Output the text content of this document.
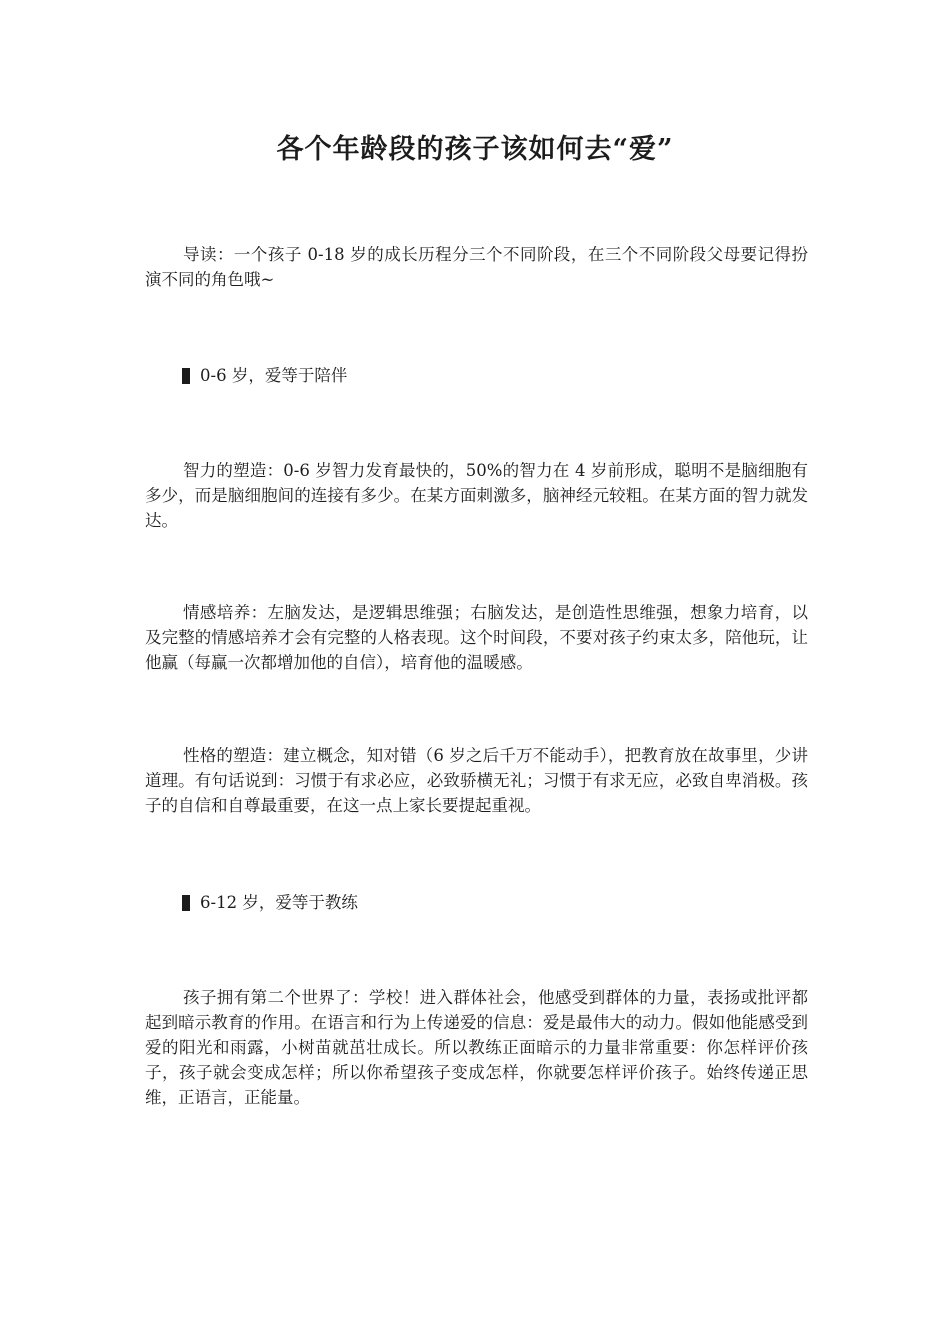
各个年龄段的孩子该如何去“爱”

导读：一个孩子 0-18 岁的成长历程分三个不同阶段，在三个不同阶段父母要记得扮演不同的角色哦~

0-6 岁，爱等于陪伴

智力的塑造：0-6 岁智力发育最快的，50%的智力在 4 岁前形成，聪明不是脑细胞有多少，而是脑细胞间的连接有多少。在某方面刺激多，脑神经元较粗。在某方面的智力就发达。

情感培养：左脑发达，是逻辑思维强；右脑发达，是创造性思维强，想象力培育，以及完整的情感培养才会有完整的人格表现。这个时间段，不要对孩子约束太多，陪他玩，让他赢（每赢一次都增加他的自信），培育他的温暖感。

性格的塑造：建立概念，知对错（6 岁之后千万不能动手），把教育放在故事里，少讲道理。有句话说到：习惯于有求必应，必致骄横无礼；习惯于有求无应，必致自卑消极。孩子的自信和自尊最重要，在这一点上家长要提起重视。

6-12 岁，爱等于教练

孩子拥有第二个世界了：学校！进入群体社会，他感受到群体的力量，表扬或批评都起到暗示教育的作用。在语言和行为上传递爱的信息：爱是最伟大的动力。假如他能感受到爱的阳光和雨露，小树苗就茁壮成长。所以教练正面暗示的力量非常重要：你怎样评价孩子，孩子就会变成怎样；所以你希望孩子变成怎样，你就要怎样评价孩子。始终传递正思维，正语言，正能量。
